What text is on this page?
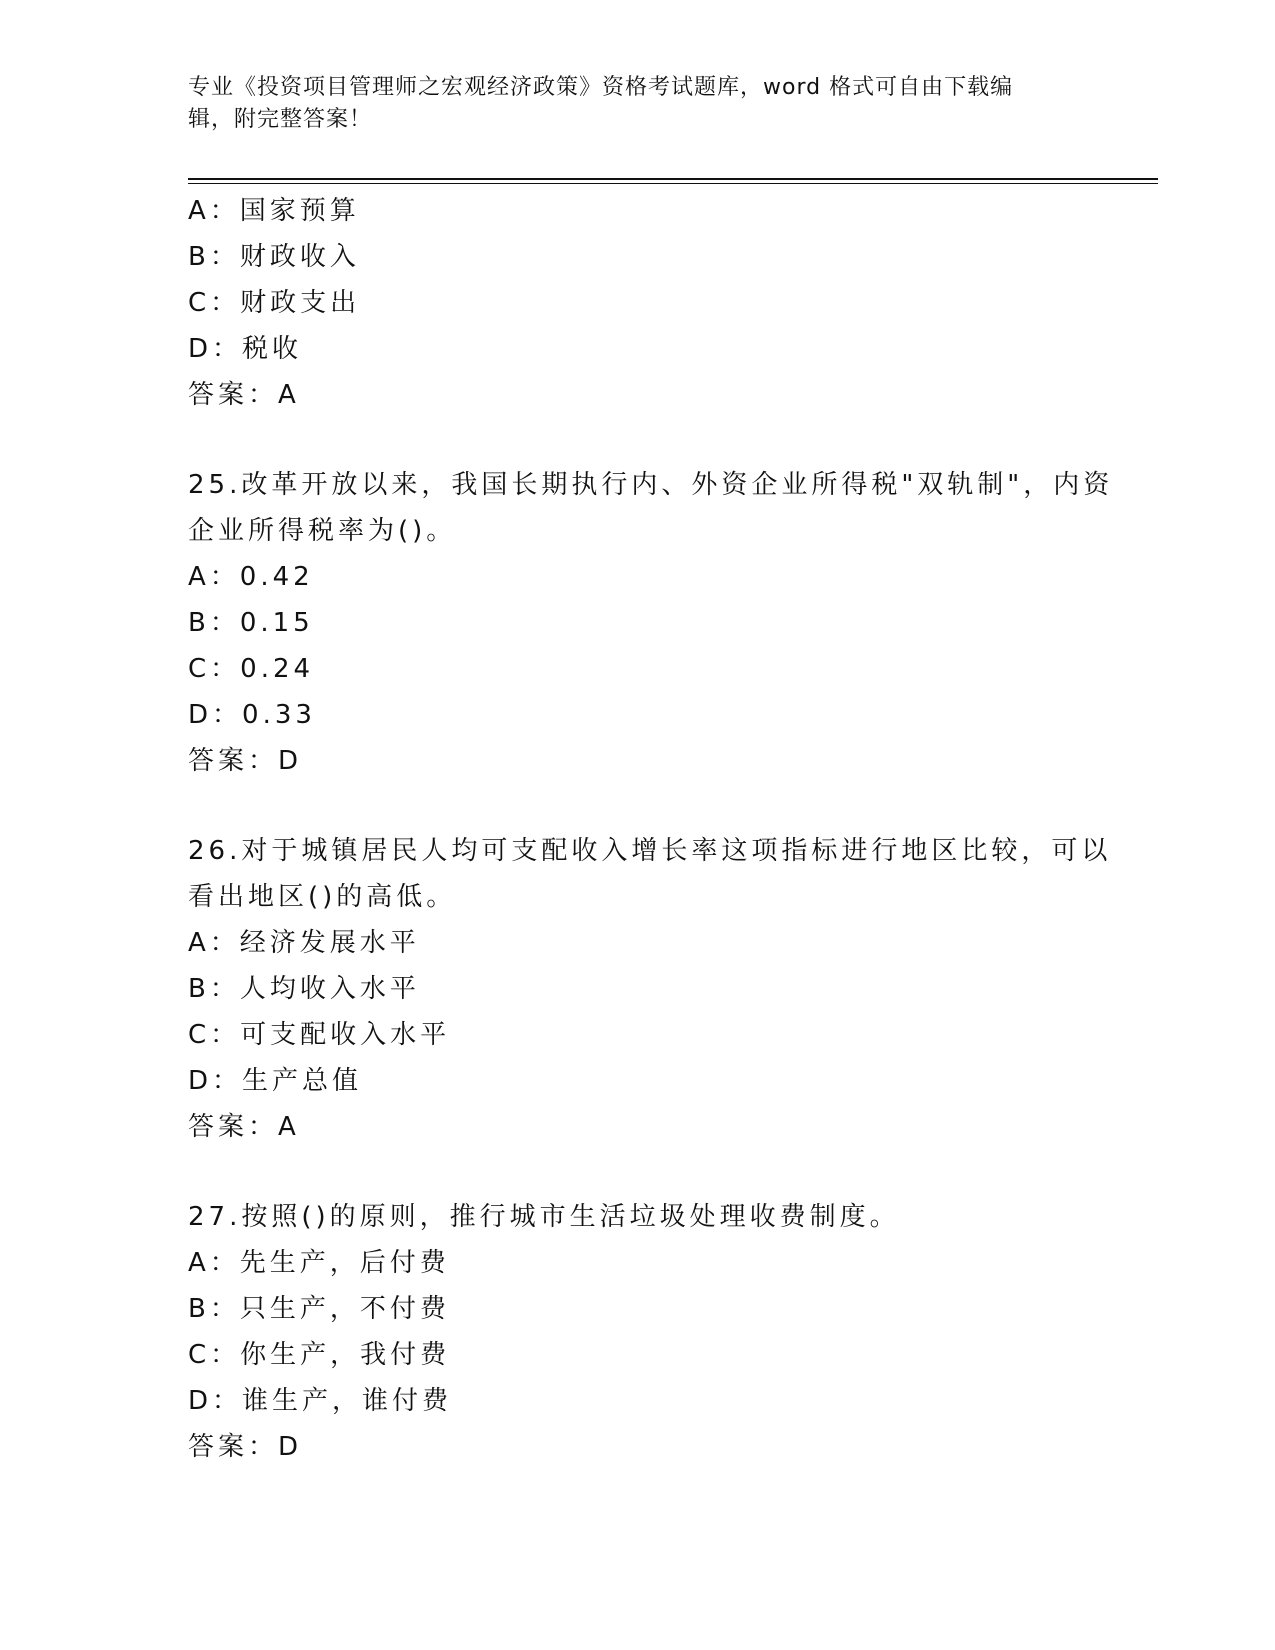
专业《投资项目管理师之宏观经济政策》资格考试题库，word 格式可自由下载编
辑，附完整答案！
A：国家预算
B：财政收入
C：财政支出
D：税收
答案：A
25.改革开放以来，我国长期执行内、外资企业所得税"双轨制"，内资
企业所得税率为()。
A：0.42
B：0.15
C：0.24
D：0.33
答案：D
26.对于城镇居民人均可支配收入增长率这项指标进行地区比较，可以
看出地区()的高低。
A：经济发展水平
B：人均收入水平
C：可支配收入水平
D：生产总值
答案：A
27.按照()的原则，推行城市生活垃圾处理收费制度。
A：先生产，后付费
B：只生产，不付费
C：你生产，我付费
D：谁生产，谁付费
答案：D
